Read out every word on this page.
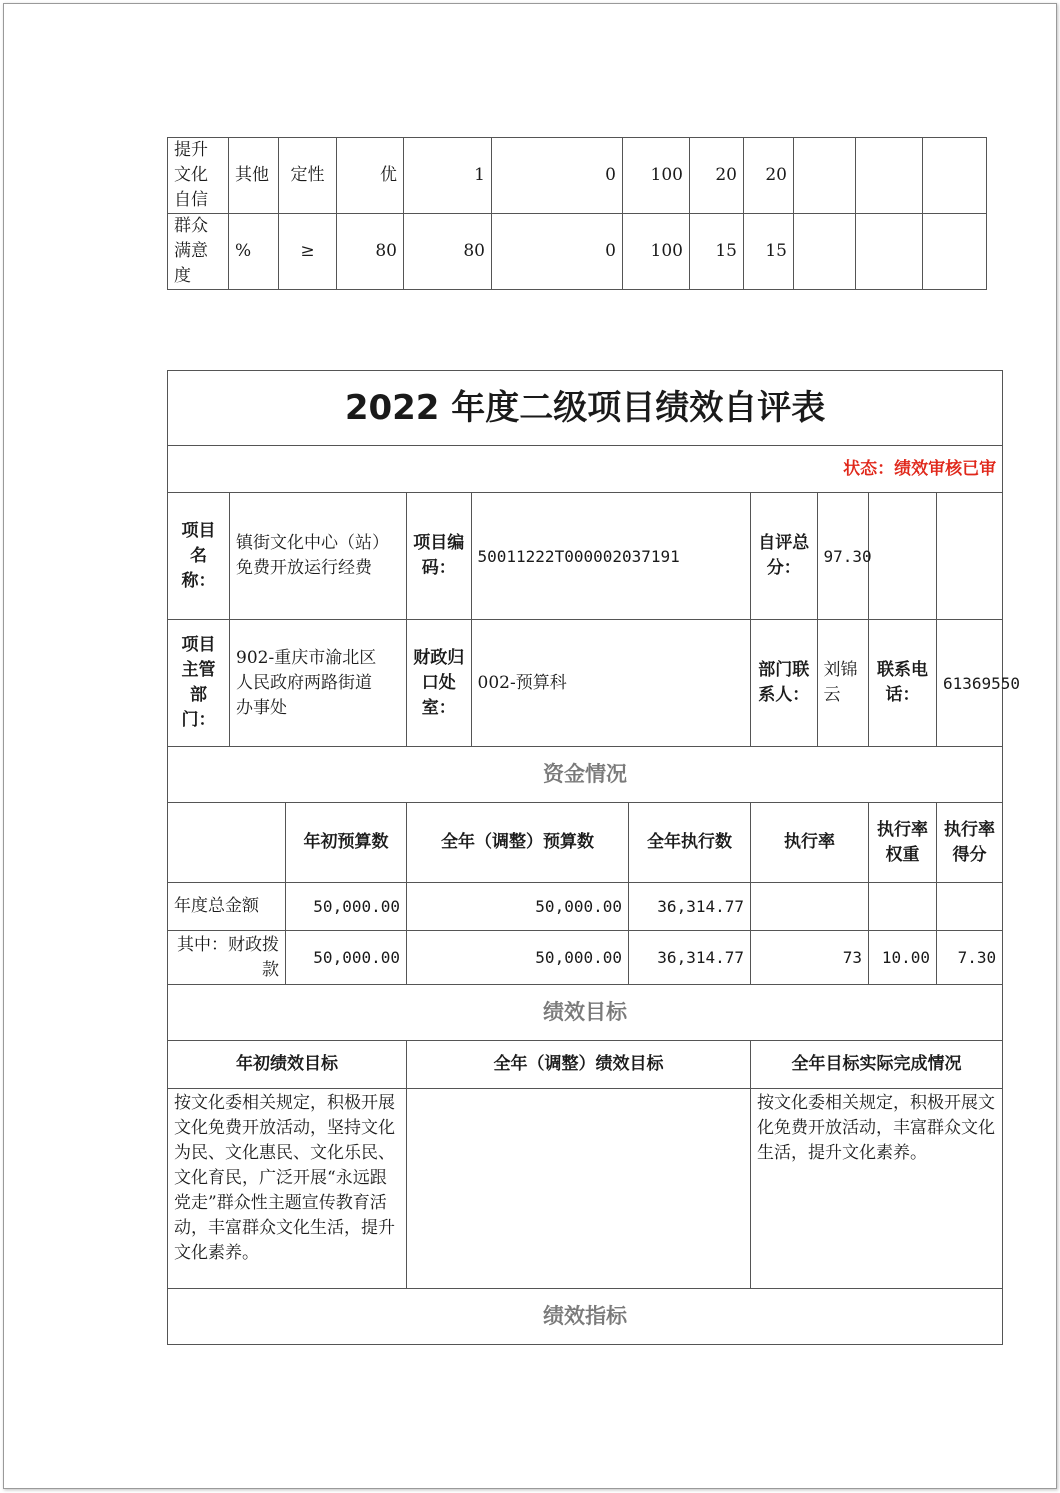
提升文化自信	其他	定性	优	1	0	100	20	20			
群众满意度	%	≥	80	80	0	100	15	15			
2022 年度二级项目绩效自评表
状态：绩效审核已审
项目名称：	镇街文化中心（站）免费开放运行经费	
项目编码：	50011222T000002037191

自评总分：	97.30

项目主管部门：	902-重庆市渝北区人民政府两路街道办事处	
财政归口处室：	002-预算科

部门联系人：	刘锦云
	联系电话：	61369550
资金情况
	年初预算数	全年（调整）预算数	全年执行数	执行率	执行率权重	执行率得分
年度总金额	50,000.00	50,000.00	36,314.77			
其中：财政拨款	50,000.00	50,000.00	36,314.77	73	10.00	7.30
绩效目标
年初绩效目标	全年（调整）绩效目标	全年目标实际完成情况
按文化委相关规定，积极开展文化免费开放活动，坚持文化为民、文化惠民、文化乐民、文化育民，广泛开展“永远跟党走”群众性主题宣传教育活动，丰富群众文化生活，提升文化素养。		按文化委相关规定，积极开展文化免费开放活动，丰富群众文化生活，提升文化素养。
绩效指标
